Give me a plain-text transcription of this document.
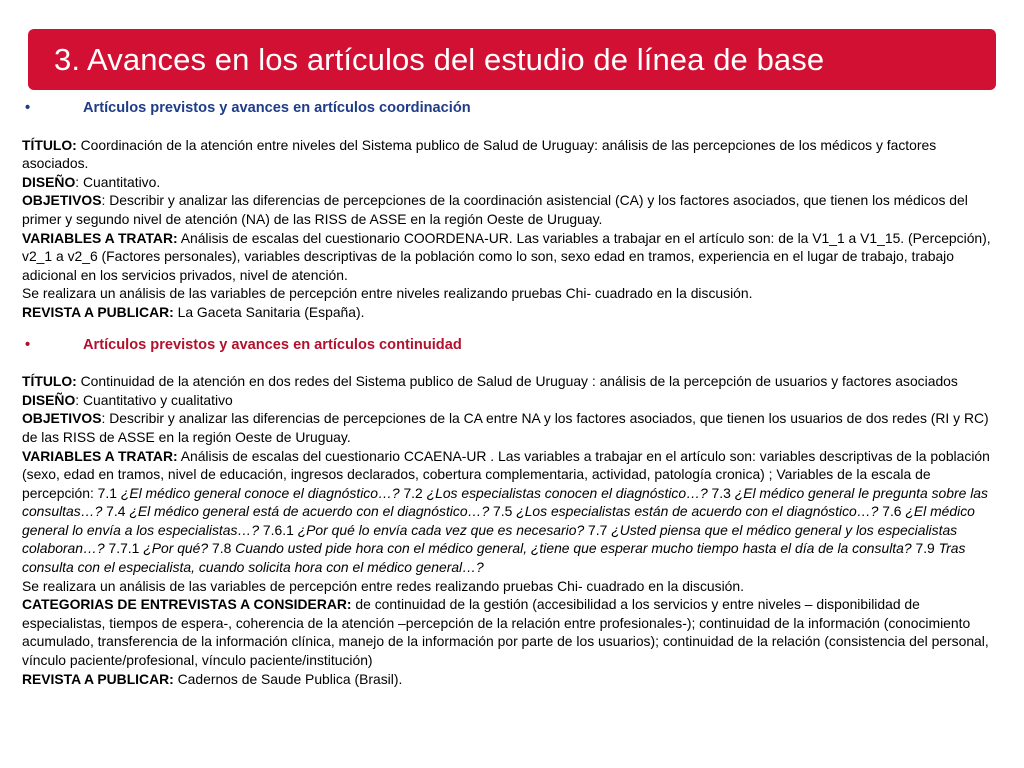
3. Avances en los artículos del estudio de línea de base
•	Artículos previstos y avances en artículos coordinación

TÍTULO: Coordinación de la atención entre niveles del Sistema publico de Salud de Uruguay: análisis de las percepciones de los médicos y factores asociados.

DISEÑO: Cuantitativo.

OBJETIVOS: Describir y analizar las diferencias de percepciones de la coordinación asistencial (CA) y los factores asociados, que tienen los médicos del primer y segundo nivel de atención (NA) de las RISS de ASSE en la región Oeste de Uruguay.

VARIABLES A TRATAR: Análisis de escalas del cuestionario COORDENA-UR. Las variables a trabajar en el artículo son: de la V1_1 a V1_15. (Percepción), v2_1 a v2_6 (Factores personales), variables descriptivas de la población como lo son, sexo edad en tramos, experiencia en el lugar de trabajo, trabajo adicional en los servicios privados, nivel de atención.

Se realizara un análisis de las variables de percepción entre niveles realizando pruebas Chi- cuadrado en la discusión.

REVISTA A PUBLICAR: La Gaceta Sanitaria (España).

•	Artículos previstos y avances en artículos continuidad

TÍTULO: Continuidad de la atención en dos redes del Sistema publico de Salud de Uruguay : análisis de la percepción de usuarios y factores asociados

DISEÑO: Cuantitativo y cualitativo

OBJETIVOS: Describir y analizar las diferencias de percepciones de la CA entre NA y los factores asociados, que tienen los usuarios de dos redes (RI y RC) de las RISS de ASSE en la región Oeste de Uruguay.

VARIABLES A TRATAR: Análisis de escalas del cuestionario CCAENA-UR . Las variables a trabajar en el artículo son: variables descriptivas de la población (sexo, edad en tramos, nivel de educación, ingresos declarados, cobertura complementaria, actividad, patología cronica) ; Variables de la escala de percepción: 7.1 ¿El médico general conoce el diagnóstico…? 7.2 ¿Los especialistas conocen el diagnóstico…? 7.3 ¿El médico general le pregunta sobre las consultas…? 7.4 ¿El médico general está de acuerdo con el diagnóstico…? 7.5 ¿Los especialistas están de acuerdo con el diagnóstico…? 7.6 ¿El médico general lo envía a los especialistas…? 7.6.1 ¿Por qué lo envía cada vez que es necesario? 7.7 ¿Usted piensa que el médico general y los especialistas colaboran…? 7.7.1 ¿Por qué? 7.8 Cuando usted pide hora con el médico general, ¿tiene que esperar mucho tiempo hasta el día de la consulta? 7.9 Tras consulta con el especialista, cuando solicita hora con el médico general…?

Se realizara un análisis de las variables de percepción entre redes realizando pruebas Chi- cuadrado en la discusión.

CATEGORIAS DE ENTREVISTAS A CONSIDERAR: de continuidad de la gestión (accesibilidad a los servicios y entre niveles – disponibilidad de especialistas, tiempos de espera-, coherencia de la atención –percepción de la relación entre profesionales-); continuidad de la información (conocimiento acumulado, transferencia de la información clínica, manejo de la información por parte de los usuarios); continuidad de la relación (consistencia del personal, vínculo paciente/profesional, vínculo paciente/institución)

REVISTA A PUBLICAR: Cadernos de Saude Publica (Brasil).
